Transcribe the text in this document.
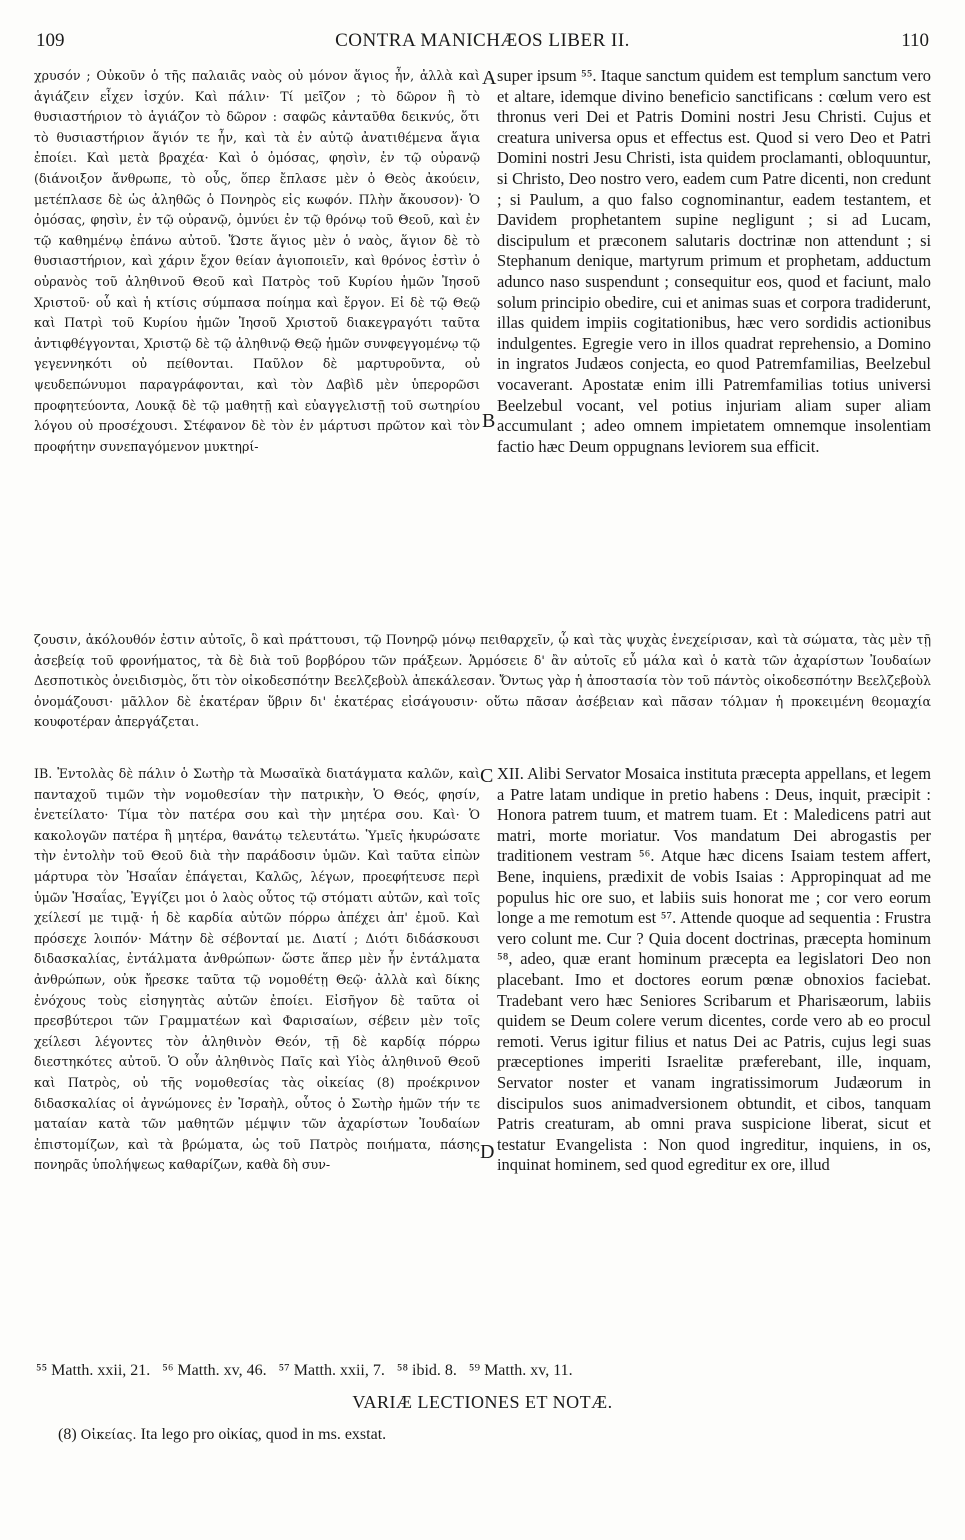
109	CONTRA MANICHÆOS LIBER II.	110

χρυσόν ; Οὐκοῦν ὁ τῆς παλαιᾶς ναὸς οὐ μόνον ἅγιος ἦν, ἀλλὰ καὶ ἁγιάζειν εἶχεν ἰσχύν. Καὶ πάλιν· Τί μεῖζον ; τὸ δῶρον ἢ τὸ θυσιαστήριον τὸ ἁγιάζον τὸ δῶρον : σαφῶς κἀνταῦθα δεικνύς, ὅτι τὸ θυσιαστήριον ἅγιόν τε ἦν, καὶ τὰ ἐν αὐτῷ ἀνατιθέμενα ἅγια ἐποίει. Καὶ μετὰ βραχέα· Καὶ ὁ ὀμόσας, φησὶν, ἐν τῷ οὐρανῷ (διάνοιξον ἄνθρωπε, τὸ οὖς, ὅπερ ἔπλασε μὲν ὁ Θεὸς ἀκούειν, μετέπλασε δὲ ὡς ἀληθῶς ὁ Πονηρὸς εἰς κωφόν. Πλὴν ἄκουσον)· Ὁ ὀμόσας, φησὶν, ἐν τῷ οὐρανῷ, ὀμνύει ἐν τῷ θρόνῳ τοῦ Θεοῦ, καὶ ἐν τῷ καθημένῳ ἐπάνω αὐτοῦ. Ὥστε ἅγιος μὲν ὁ ναὸς, ἅγιον δὲ τὸ θυσιαστήριον, καὶ χάριν ἔχον θείαν ἁγιοποιεῖν, καὶ θρόνος ἐστὶν ὁ οὐρανὸς τοῦ ἀληθινοῦ Θεοῦ καὶ Πατρὸς τοῦ Κυρίου ἡμῶν Ἰησοῦ Χριστοῦ· οὗ καὶ ἡ κτίσις σύμπασα ποίημα καὶ ἔργον. Εἰ δὲ τῷ Θεῷ καὶ Πατρὶ τοῦ Κυρίου ἡμῶν Ἰησοῦ Χριστοῦ διακεγραγότι ταῦτα ἀντιφθέγγονται, Χριστῷ δὲ τῷ ἀληθινῷ Θεῷ ἡμῶν συνφεγγομένῳ τῷ γεγεννηκότι οὐ πείθονται. Παῦλον δὲ μαρτυροῦντα, οὐ ψευδεπώνυμοι παραγράφονται, καὶ τὸν Δαβὶδ μὲν ὑπερορῶσι προφητεύοντα, Λουκᾷ δὲ τῷ μαθητῇ καὶ εὐαγγελιστῇ τοῦ σωτηρίου λόγου οὐ προσέχουσι. Στέφανον δὲ τὸν ἐν μάρτυσι πρῶτον καὶ τὸν προφήτην συνεπαγόμενον μυκτηρί-

super ipsum ⁵⁵. Itaque sanctum quidem est templum sanctum vero et altare, idemque divino beneficio sanctificans : cœlum vero est thronus veri Dei et Patris Domini nostri Jesu Christi. Cujus et creatura universa opus et effectus est. Quod si vero Deo et Patri Domini nostri Jesu Christi, ista quidem proclamanti, obloquuntur, si Christo, Deo nostro vero, eadem cum Patre dicenti, non credunt ; si Paulum, a quo falso cognominantur, eadem testantem, et Davidem prophetantem supine negligunt ; si ad Lucam, discipulum et præconem salutaris doctrinæ non attendunt ; si Stephanum denique, martyrum primum et prophetam, adductum adunco naso suspendunt ; consequitur eos, quod et faciunt, malo solum principio obedire, cui et animas suas et corpora tradiderunt, illas quidem impiis cogitationibus, hæc vero sordidis actionibus indulgentes. Egregie vero in illos quadrat reprehensio, a Domino in ingratos Judæos conjecta, eo quod Patremfamilias, Beelzebul vocaverant. Apostatæ enim illi Patremfamilias totius universi Beelzebul vocant, vel potius injuriam aliam super aliam accumulant ; adeo omnem impietatem omnemque insolentiam factio hæc Deum oppugnans leviorem sua efficit.

A
B

ζουσιν, ἀκόλουθόν ἐστιν αὐτοῖς, ὃ καὶ πράττουσι, τῷ Πονηρῷ μόνῳ πειθαρχεῖν, ᾧ καὶ τὰς ψυχὰς ἐνεχείρισαν, καὶ τὰ σώματα, τὰς μὲν τῇ ἀσεβείᾳ τοῦ φρονήματος, τὰ δὲ διὰ τοῦ βορβόρου τῶν πράξεων. Ἁρμόσειε δ' ἂν αὐτοῖς εὖ μάλα καὶ ὁ κατὰ τῶν ἀχαρίστων Ἰουδαίων Δεσποτικὸς ὀνειδισμὸς, ὅτι τὸν οἰκοδεσπότην Βεελζεβοὺλ ἀπεκάλεσαν. Ὄντως γὰρ ἡ ἀποστασία τὸν τοῦ πάντὸς οἰκοδεσπότην Βεελζεβοὺλ ὀνομάζουσι· μᾶλλον δὲ ἑκατέραν ὕβριν δι' ἑκατέρας εἰσάγουσιν· οὕτω πᾶσαν ἀσέβειαν καὶ πᾶσαν τόλμαν ἡ προκειμένη θεομαχία κουφοτέραν ἀπεργάζεται.

ΙΒ. Ἐντολὰς δὲ πάλιν ὁ Σωτὴρ τὰ Μωσαϊκὰ διατάγματα καλῶν, καὶ πανταχοῦ τιμῶν τὴν νομοθεσίαν τὴν πατρικὴν, Ὁ Θεός, φησίν, ἐνετείλατο· Τίμα τὸν πατέρα σου καὶ τὴν μητέρα σου. Καὶ· Ὁ κακολογῶν πατέρα ἢ μητέρα, θανάτῳ τελευτάτω. Ὑμεῖς ἠκυρώσατε τὴν ἐντολὴν τοῦ Θεοῦ διὰ τὴν παράδοσιν ὑμῶν. Καὶ ταῦτα εἰπὼν μάρτυρα τὸν Ἡσαΐαν ἐπάγεται, Καλῶς, λέγων, προεφήτευσε περὶ ὑμῶν Ἡσαΐας, Ἐγγίζει μοι ὁ λαὸς οὗτος τῷ στόματι αὐτῶν, καὶ τοῖς χείλεσί με τιμᾷ· ἡ δὲ καρδία αὐτῶν πόρρω ἀπέχει ἀπ' ἐμοῦ. Καὶ πρόσεχε λοιπόν· Μάτην δὲ σέβονταί με. Διατί ; Διότι διδάσκουσι διδασκαλίας, ἐντάλματα ἀνθρώπων· ὥστε ἅπερ μὲν ἦν ἐντάλματα ἀνθρώπων, οὐκ ἤρεσκε ταῦτα τῷ νομοθέτῃ Θεῷ· ἀλλὰ καὶ δίκης ἐνόχους τοὺς εἰσηγητὰς αὐτῶν ἐποίει. Εἰσῆγον δὲ ταῦτα οἱ πρεσβύτεροι τῶν Γραμματέων καὶ Φαρισαίων, σέβειν μὲν τοῖς χείλεσι λέγοντες τὸν ἀληθινὸν Θεόν, τῇ δὲ καρδίᾳ πόρρω διεστηκότες αὐτοῦ. Ὁ οὖν ἀληθινὸς Παῖς καὶ Υἱὸς ἀληθινοῦ Θεοῦ καὶ Πατρὸς, οὐ τῆς νομοθεσίας τὰς οἰκείας (8) προέκρινον διδασκαλίας οἱ ἀγνώμονες ἐν Ἰσραὴλ, οὗτος ὁ Σωτὴρ ἡμῶν τήν τε ματαίαν κατὰ τῶν μαθητῶν μέμψιν τῶν ἀχαρίστων Ἰουδαίων ἐπιστομίζων, καὶ τὰ βρώματα, ὡς τοῦ Πατρὸς ποιήματα, πάσης πονηρᾶς ὑπολήψεως καθαρίζων, καθὰ δὴ συν-

XII. Alibi Servator Mosaica instituta præcepta appellans, et legem a Patre latam undique in pretio habens : Deus, inquit, præcipit : Honora patrem tuum, et matrem tuam. Et : Maledicens patri aut matri, morte moriatur. Vos mandatum Dei abrogastis per traditionem vestram ⁵⁶. Atque hæc dicens Isaiam testem affert, Bene, inquiens, prædixit de vobis Isaias : Appropinquat ad me populus hic ore suo, et labiis suis honorat me ; cor vero eorum longe a me remotum est ⁵⁷. Attende quoque ad sequentia : Frustra vero colunt me. Cur ? Quia docent doctrinas, præcepta hominum ⁵⁸, adeo, quæ erant hominum præcepta ea legislatori Deo non placebant. Imo et doctores eorum pœnæ obnoxios faciebat. Tradebant vero hæc Seniores Scribarum et Pharisæorum, labiis quidem se Deum colere verum dicentes, corde vero ab eo procul remoti. Verus igitur filius et natus Dei ac Patris, cujus legi suas præceptiones imperiti Israelitæ præferebant, ille, inquam, Servator noster et vanam ingratissimorum Judæorum in discipulos suos animadversionem obtundit, et cibos, tanquam Patris creaturam, ab omni prava suspicione liberat, sicut et testatur Evangelista : Non quod ingreditur, inquiens, in os, inquinat hominem, sed quod egreditur ex ore, illud

C
D
⁵⁵ Matth. xxii, 21.   ⁵⁶ Matth. xv, 46.   ⁵⁷ Matth. xxii, 7.   ⁵⁸ ibid. 8.   ⁵⁹ Matth. xv, 11.
VARIÆ LECTIONES ET NOTÆ.
(8) Οἰκείας. Ita lego pro οἰκίας, quod in ms. exstat.
